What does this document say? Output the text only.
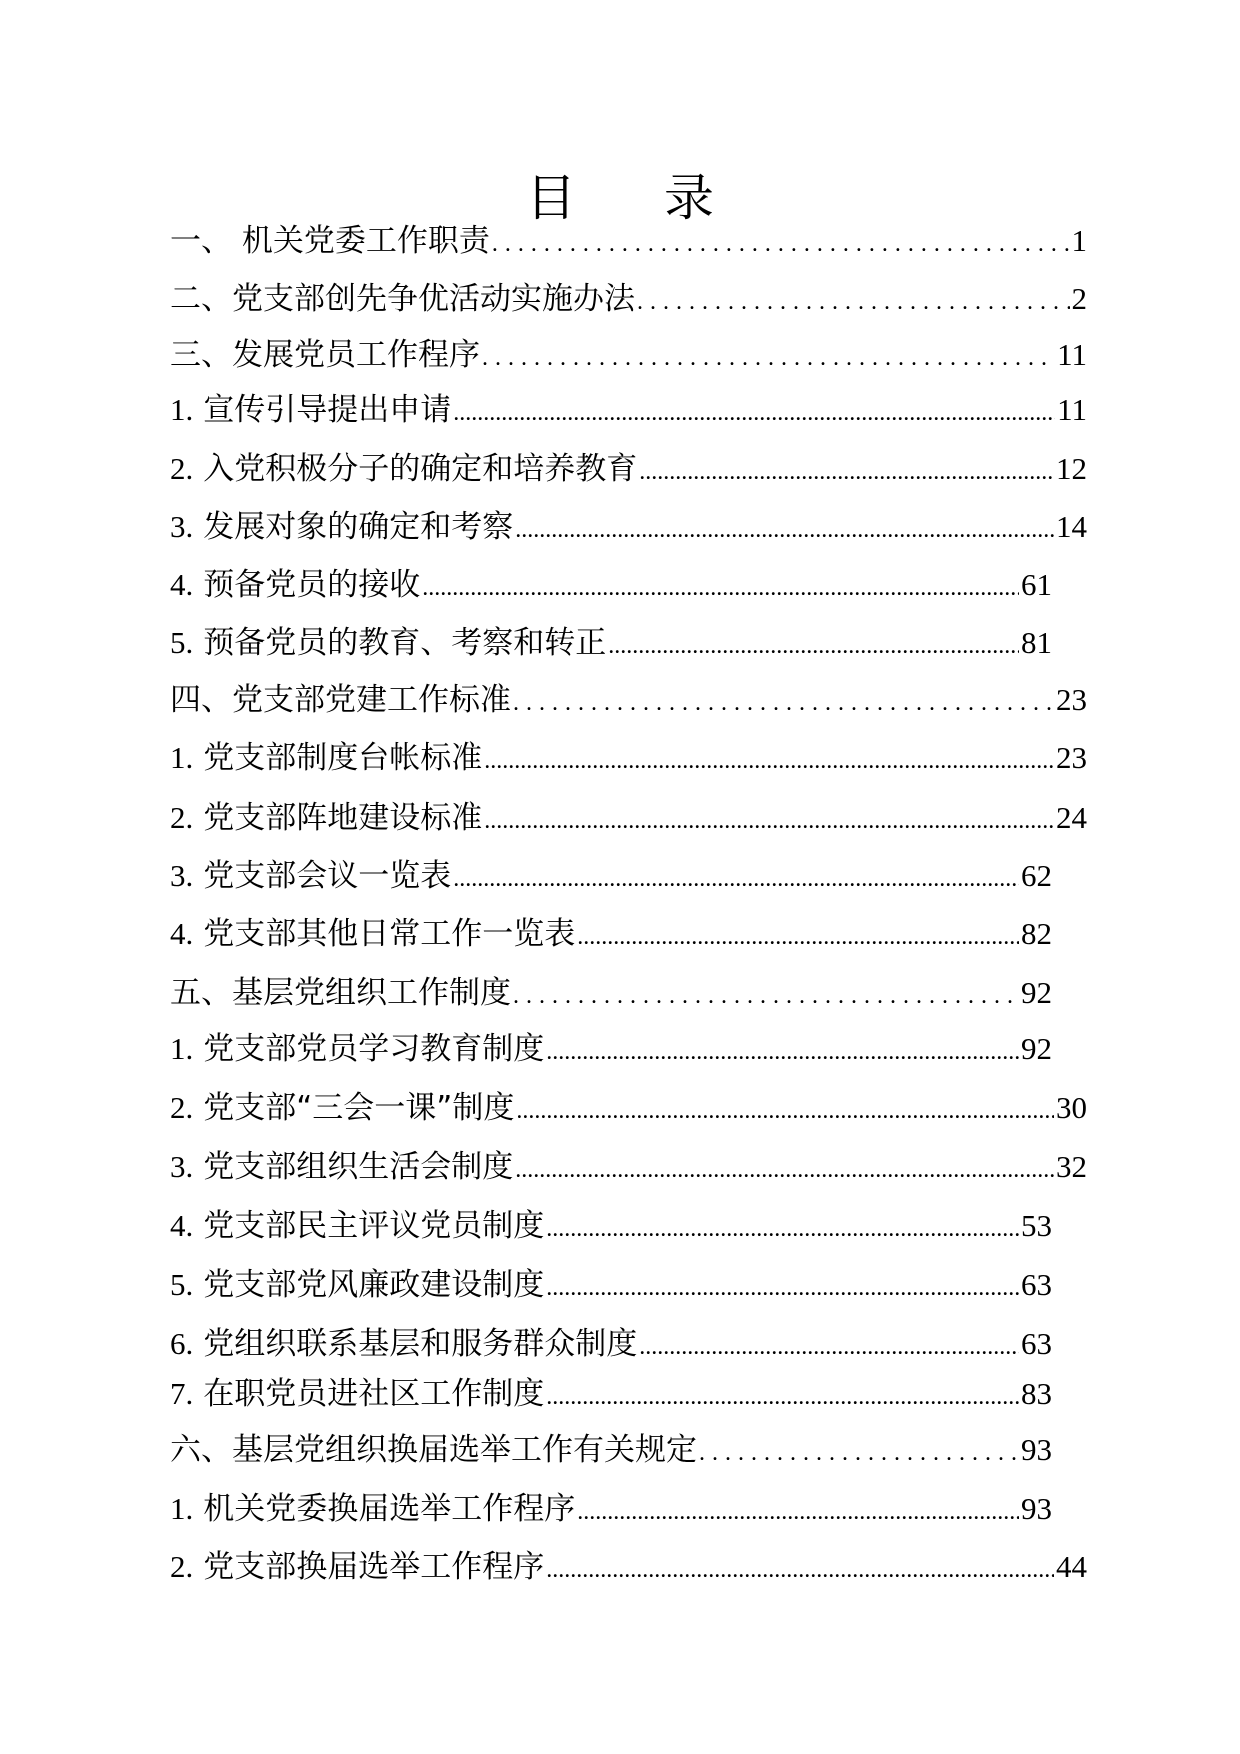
目 录
一、 机关党委工作职责 .....	1
二、党支部创先争优活动实施办法 .....	2
三、发展党员工作程序 .....	11
1. 宣传引导提出申请 .....	11
2. 入党积极分子的确定和培养教育 .....	12
3. 发展对象的确定和考察 .....	14
4. 预备党员的接收 .....	61
5. 预备党员的教育、考察和转正 .....	81
四、党支部党建工作标准 .....	23
1. 党支部制度台帐标准 .....	23
2. 党支部阵地建设标准 .....	24
3. 党支部会议一览表 .....	62
4. 党支部其他日常工作一览表 .....	82
五、基层党组织工作制度 .....	92
1. 党支部党员学习教育制度 .....	92
2. 党支部“三会一课”制度 .....	30
3. 党支部组织生活会制度 .....	32
4. 党支部民主评议党员制度 .....	53
5. 党支部党风廉政建设制度 .....	63
6. 党组织联系基层和服务群众制度 .....	63
7. 在职党员进社区工作制度 .....	83
六、基层党组织换届选举工作有关规定 .....	93
1. 机关党委换届选举工作程序 .....	93
2. 党支部换届选举工作程序 .....	44
